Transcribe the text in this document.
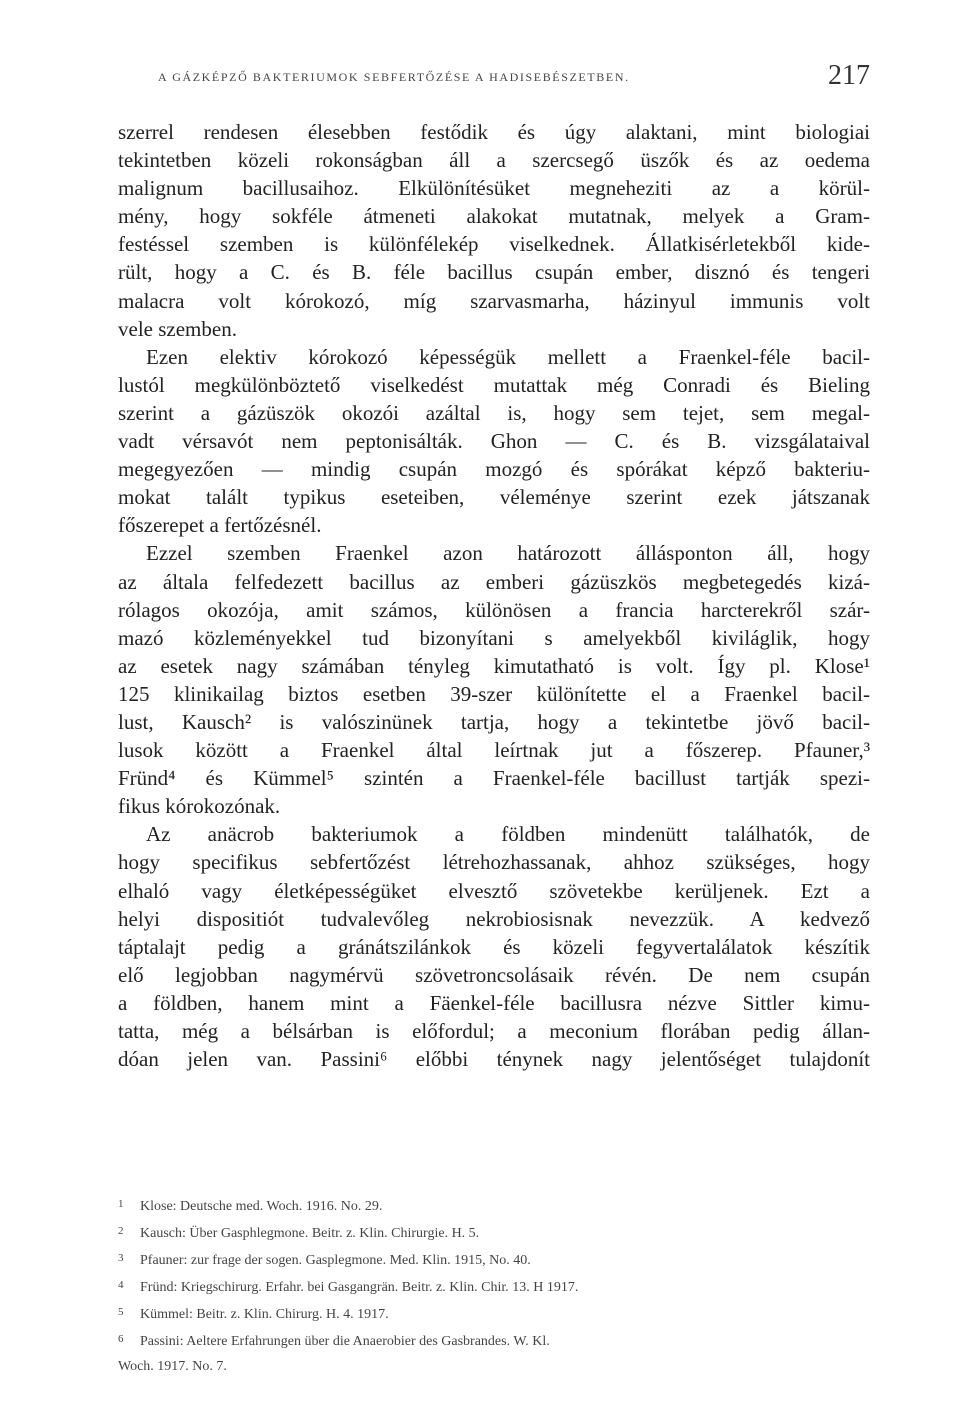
A GÁZKÉPZŐ BAKTERIUMOK SEBFERTŐZÉSE A HADISEBÉSZETBEN.	217
szerrel rendesen élesebben festődik és úgy alaktani, mint biologiai
tekintetben közeli rokonságban áll a szercsegő üszők és az oedema
malignum bacillusaihoz. Elkülönítésüket megneheziti az a körül-
mény, hogy sokféle átmeneti alakokat mutatnak, melyek a Gram-
festéssel szemben is különfélekép viselkednek. Állatkisérletekből kide-
rült, hogy a C. és B. féle bacillus csupán ember, disznó és tengeri
malacra volt kórokozó, míg szarvasmarha, házinyul immunis volt
vele szemben.
Ezen elektiv kórokozó képességük mellett a Fraenkel-féle bacil-
lustól megkülönböztető viselkedést mutattak még Conradi és Bieling
szerint a gázüszök okozói azáltal is, hogy sem tejet, sem megal-
vadt vérsavót nem peptonisálták. Ghon — C. és B. vizsgálataival
megegyezően — mindig csupán mozgó és spórákat képző bakteriu-
mokat talált typikus eseteiben, véleménye szerint ezek játszanak
főszerepet a fertőzésnél.
Ezzel szemben Fraenkel azon határozott állásponton áll, hogy
az általa felfedezett bacillus az emberi gázüszkös megbetegedés kizá-
rólagos okozója, amit számos, különösen a francia harcterekről szár-
mazó közleményekkel tud bizonyítani s amelyekből kiviláglik, hogy
az esetek nagy számában tényleg kimutatható is volt. Így pl. Klose¹
125 klinikailag biztos esetben 39-szer különítette el a Fraenkel bacil-
lust, Kausch² is valószinünek tartja, hogy a tekintetbe jövő bacil-
lusok között a Fraenkel által leírtnak jut a főszerep. Pfauner,³
Fründ⁴ és Kümmel⁵ szintén a Fraenkel-féle bacillust tartják spezi-
fikus kórokozónak.
Az anäcrob bakteriumok a földben mindenütt találhatók, de
hogy specifikus sebfertőzést létrehozhassanak, ahhoz szükséges, hogy
elhaló vagy életképességüket elvesztő szövetekbe kerüljenek. Ezt a
helyi dispositiót tudvalevőleg nekrobiosisnak nevezzük. A kedvező
táptalajt pedig a gránátszilánkok és közeli fegyvertalálatok készítik
elő legjobban nagymérvü szövetroncsolásaik révén. De nem csupán
a földben, hanem mint a Fäenkel-féle bacillusra nézve Sittler kimu-
tatta, még a bélsárban is előfordul; a meconium florában pedig állan-
dóan jelen van. Passini⁶ előbbi ténynek nagy jelentőséget tulajdonít
1 Klose: Deutsche med. Woch. 1916. No. 29.
2 Kausch: Über Gasphlegmone. Beitr. z. Klin. Chirurgie. H. 5.
3 Pfauner: zur frage der sogen. Gasplegmone. Med. Klin. 1915, No. 40.
4 Fründ: Kriegschirurg. Erfahr. bei Gasgangrän. Beitr. z. Klin. Chir. 13. H 1917.
5 Kümmel: Beitr. z. Klin. Chirurg. H. 4. 1917.
6 Passini: Aeltere Erfahrungen über die Anaerobier des Gasbrandes. W. Kl.
Woch. 1917. No. 7.
